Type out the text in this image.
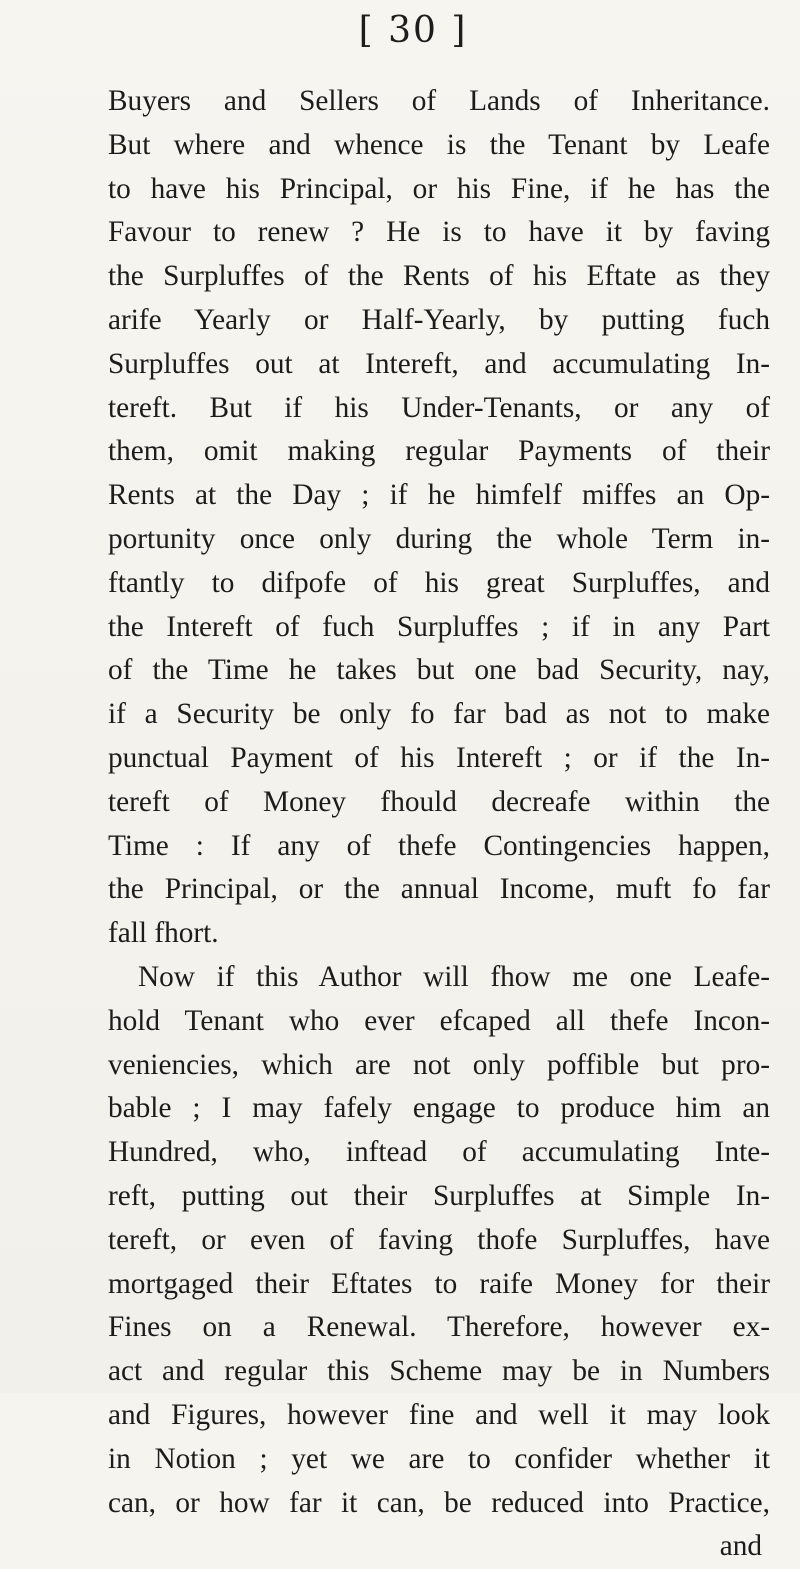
[ 30 ]
Buyers and Sellers of Lands of Inheritance.
But where and whence is the Tenant by Leafe
to have his Principal, or his Fine, if he has the
Favour to renew ? He is to have it by faving
the Surpluffes of the Rents of his Eftate as they
arife Yearly or Half-Yearly, by putting fuch
Surpluffes out at Intereft, and accumulating In-
tereft. But if his Under-Tenants, or any of
them, omit making regular Payments of their
Rents at the Day ; if he himfelf miffes an Op-
portunity once only during the whole Term in-
ftantly to difpofe of his great Surpluffes, and
the Intereft of fuch Surpluffes ; if in any Part
of the Time he takes but one bad Security, nay,
if a Security be only fo far bad as not to make
punctual Payment of his Intereft ; or if the In-
tereft of Money fhould decreafe within the
Time : If any of thefe Contingencies happen,
the Principal, or the annual Income, muft fo far
fall fhort.
Now if this Author will fhow me one Leafe-
hold Tenant who ever efcaped all thefe Incon-
veniencies, which are not only poffible but pro-
bable ; I may fafely engage to produce him an
Hundred, who, inftead of accumulating Inte-
reft, putting out their Surpluffes at Simple In-
tereft, or even of faving thofe Surpluffes, have
mortgaged their Eftates to raife Money for their
Fines on a Renewal. Therefore, however ex-
act and regular this Scheme may be in Numbers
and Figures, however fine and well it may look
in Notion ; yet we are to confider whether it
can, or how far it can, be reduced into Practice,
and
